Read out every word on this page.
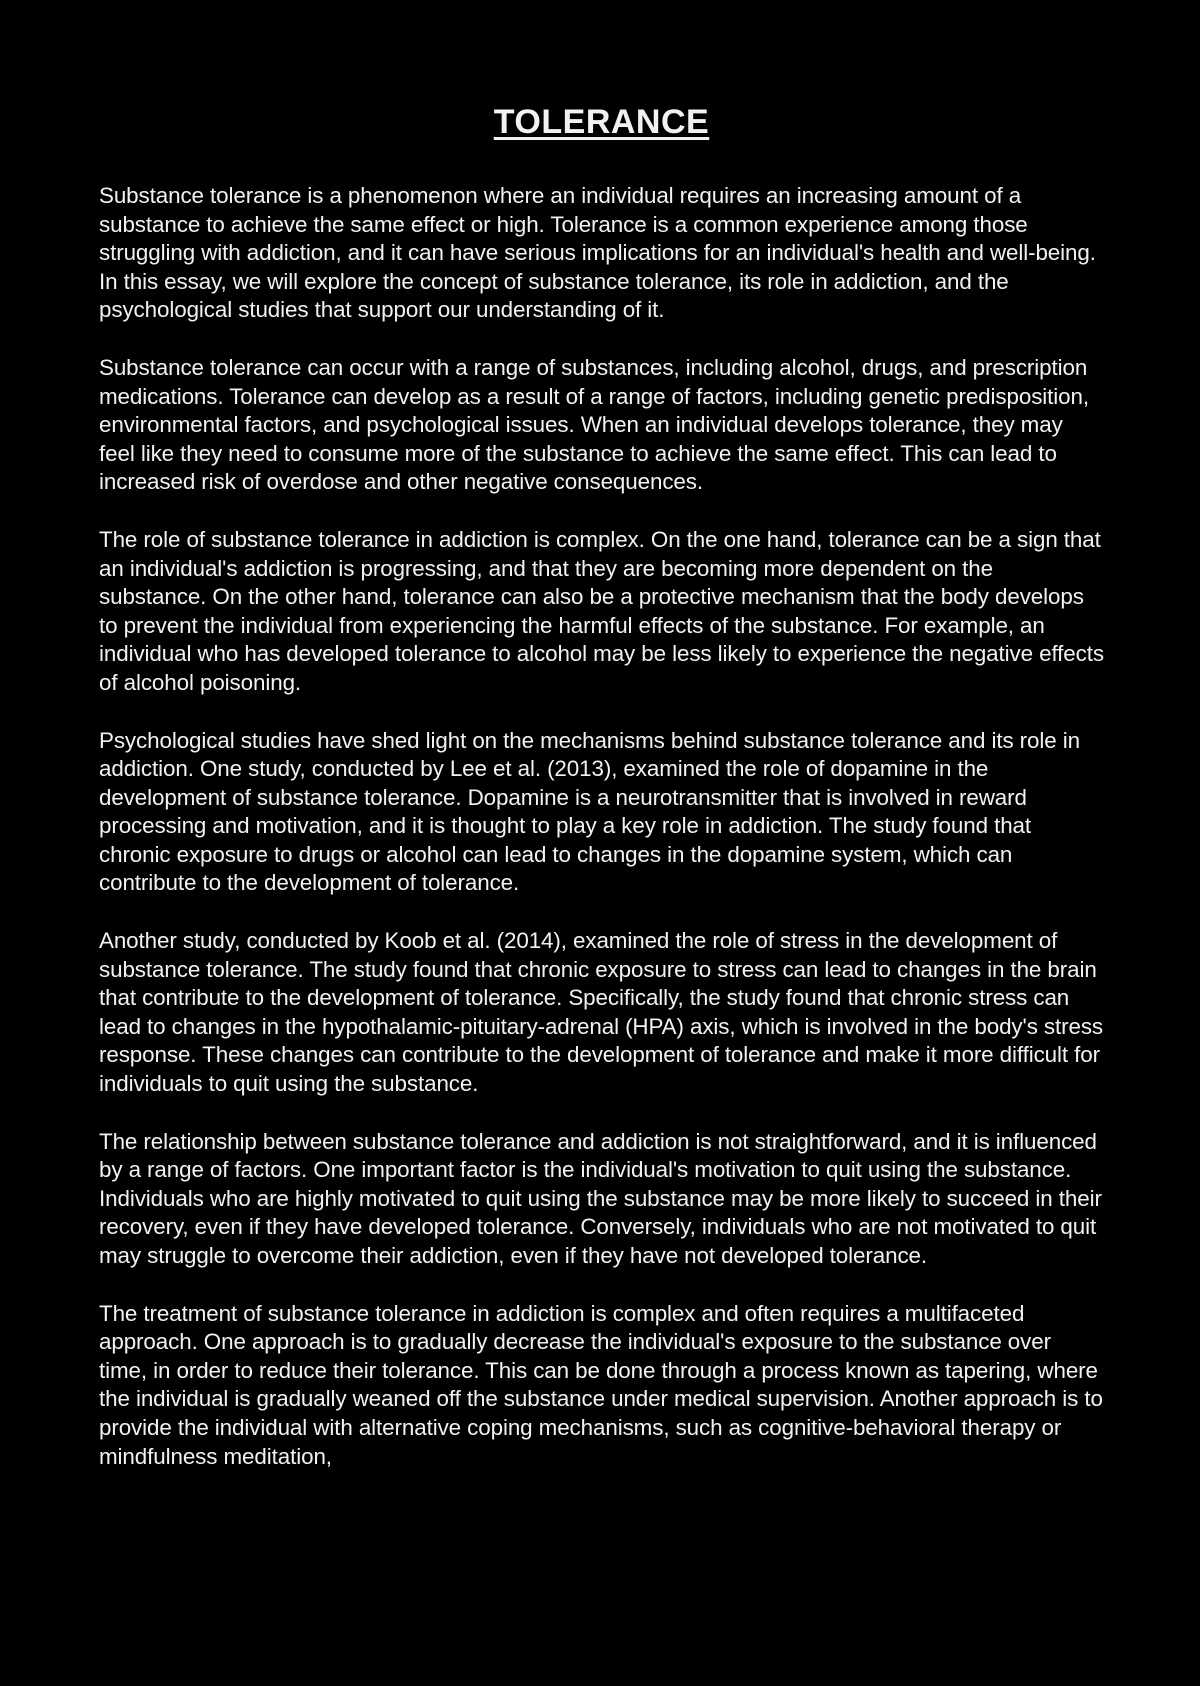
TOLERANCE

Substance tolerance is a phenomenon where an individual requires an increasing amount of a substance to achieve the same effect or high. Tolerance is a common experience among those struggling with addiction, and it can have serious implications for an individual's health and well-being. In this essay, we will explore the concept of substance tolerance, its role in addiction, and the psychological studies that support our understanding of it.

Substance tolerance can occur with a range of substances, including alcohol, drugs, and prescription medications. Tolerance can develop as a result of a range of factors, including genetic predisposition, environmental factors, and psychological issues. When an individual develops tolerance, they may feel like they need to consume more of the substance to achieve the same effect. This can lead to increased risk of overdose and other negative consequences.

The role of substance tolerance in addiction is complex. On the one hand, tolerance can be a sign that an individual's addiction is progressing, and that they are becoming more dependent on the substance. On the other hand, tolerance can also be a protective mechanism that the body develops to prevent the individual from experiencing the harmful effects of the substance. For example, an individual who has developed tolerance to alcohol may be less likely to experience the negative effects of alcohol poisoning.

Psychological studies have shed light on the mechanisms behind substance tolerance and its role in addiction. One study, conducted by Lee et al. (2013), examined the role of dopamine in the development of substance tolerance. Dopamine is a neurotransmitter that is involved in reward processing and motivation, and it is thought to play a key role in addiction. The study found that chronic exposure to drugs or alcohol can lead to changes in the dopamine system, which can contribute to the development of tolerance.

Another study, conducted by Koob et al. (2014), examined the role of stress in the development of substance tolerance. The study found that chronic exposure to stress can lead to changes in the brain that contribute to the development of tolerance. Specifically, the study found that chronic stress can lead to changes in the hypothalamic-pituitary-adrenal (HPA) axis, which is involved in the body's stress response. These changes can contribute to the development of tolerance and make it more difficult for individuals to quit using the substance.

The relationship between substance tolerance and addiction is not straightforward, and it is influenced by a range of factors. One important factor is the individual's motivation to quit using the substance. Individuals who are highly motivated to quit using the substance may be more likely to succeed in their recovery, even if they have developed tolerance. Conversely, individuals who are not motivated to quit may struggle to overcome their addiction, even if they have not developed tolerance.

The treatment of substance tolerance in addiction is complex and often requires a multifaceted approach. One approach is to gradually decrease the individual's exposure to the substance over time, in order to reduce their tolerance. This can be done through a process known as tapering, where the individual is gradually weaned off the substance under medical supervision. Another approach is to provide the individual with alternative coping mechanisms, such as cognitive-behavioral therapy or mindfulness meditation,
